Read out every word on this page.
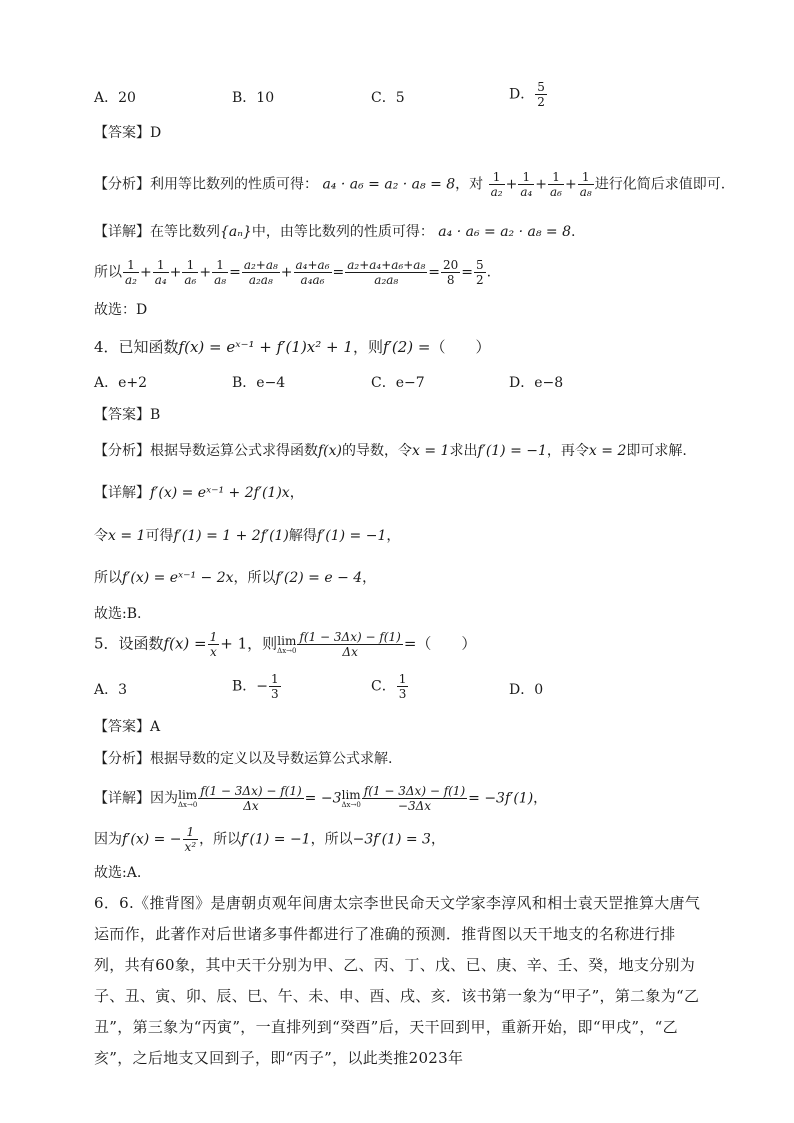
A．20	B．10	C．5	D． $\frac{5}{2}$
【答案】D
【分析】利用等比数列的性质可得： a₄ · a₆ = a₂ · a₈ = 8，对 $\frac{1}{\text{a₂}} + \frac{1}{\text{a₄}} + \frac{1}{\text{a₆}} + \frac{1}{\text{a₈}}$ 进行化简后求值即可.
【详解】在等比数列{aₙ}中，由等比数列的性质可得： a₄ · a₆ = a₂ · a₈ = 8.
所以 $\frac{1}{\text{a₂}} + \frac{1}{\text{a₄}} + \frac{1}{\text{a₆}} + \frac{1}{\text{a₈}} = \frac{\text{a₂+a₈}}{\text{a₂a₈}} + \frac{\text{a₄+a₆}}{\text{a₄a₆}} = \frac{\text{a₂+a₄+a₆+a₈}}{\text{a₂a₈}} = \frac{20}{8} = \frac{5}{2}$ .
故选：D
4．已知函数f(x) = eˣ⁻¹ + f′(1)x² + 1，则f′(2) =（　　）
A．e+2	B．e−4	C．e−7	D．e−8
【答案】B
【分析】根据导数运算公式求得函数f(x)的导数，令x = 1求出f′(1) = −1，再令x = 2即可求解.
【详解】f′(x) = eˣ⁻¹ + 2f′(1)x，
令x = 1可得f′(1) = 1 + 2f′(1)解得f′(1) = −1，
所以f′(x) = eˣ⁻¹ − 2x，所以f′(2) = e − 4，
故选:B.
5．设函数$f(x) = \frac{1}{x} + 1$，则lim
$\Delta x\to 0 \frac{f(1 - 3\Delta x) - f(1)}{\Delta x}$ =（　　）
A．3	B．− $\frac{1}{3}$	C． $\frac{1}{3}$	D．0
【答案】A
【分析】根据导数的定义以及导数运算公式求解.
【详解】因为lim
$\Delta x\to 0 \frac{f(1 - 3\Delta x) - f(1)}{\Delta x} = -3\lim$
$\Delta x\to 0 \frac{f(1 - 3\Delta x) - f(1)}{-3\Delta x} = -3f'(1)$，
因为f′(x) = − $\frac{1}{\text{x²}}$ ，所以f′(1) = −1，所以−3f′(1) = 3，
故选:A.
6．6.《推背图》是唐朝贞观年间唐太宗李世民命天文学家李淳风和相士袁天罡推算大唐气运而作，此著作对后世诸多事件都进行了准确的预测．推背图以天干地支的名称进行排列，共有60象，其中天干分别为甲、乙、丙、丁、戊、已、庚、辛、壬、癸，地支分别为子、丑、寅、卯、辰、巳、午、未、申、酉、戌、亥．该书第一象为“甲子”，第二象为“乙丑”，第三象为“丙寅”，一直排列到“癸酉”后，天干回到甲，重新开始，即“甲戌”，“乙亥”，之后地支又回到子，即“丙子”，以此类推2023年
